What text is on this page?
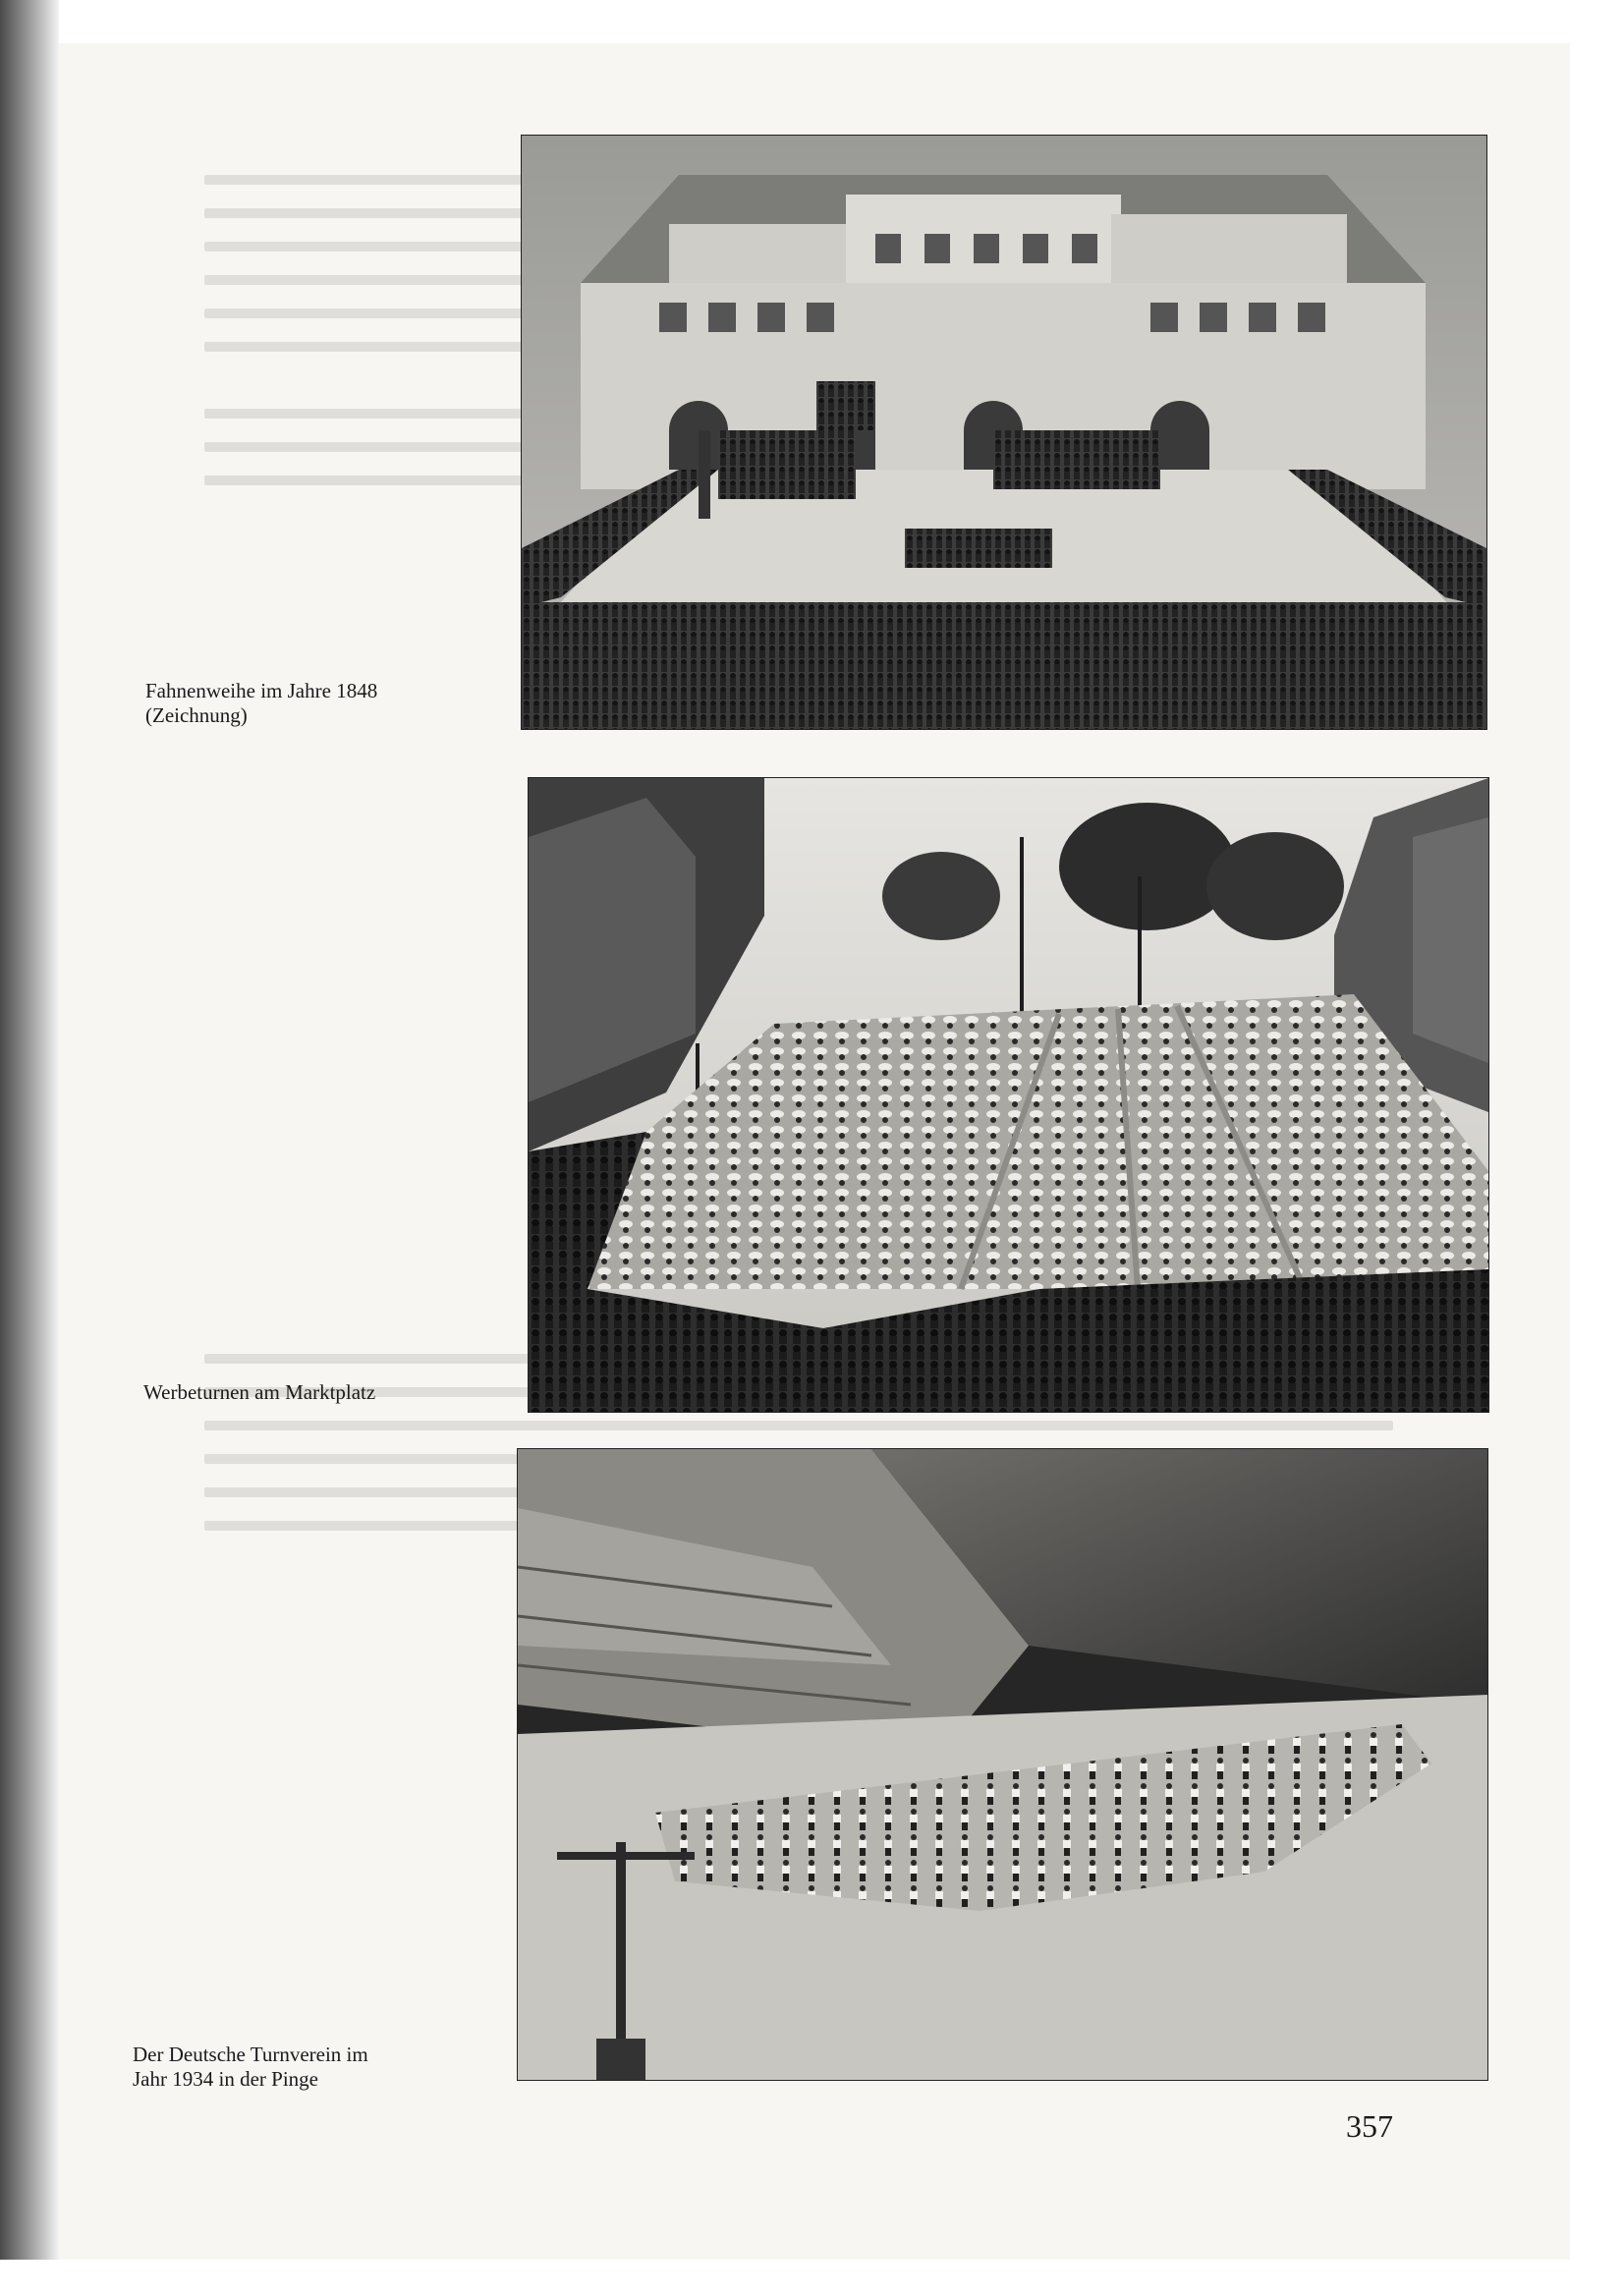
Fahnenweihe im Jahre 1848
(Zeichnung)
Werbeturnen am Marktplatz
Der Deutsche Turnverein im
Jahr 1934 in der Pinge
357
